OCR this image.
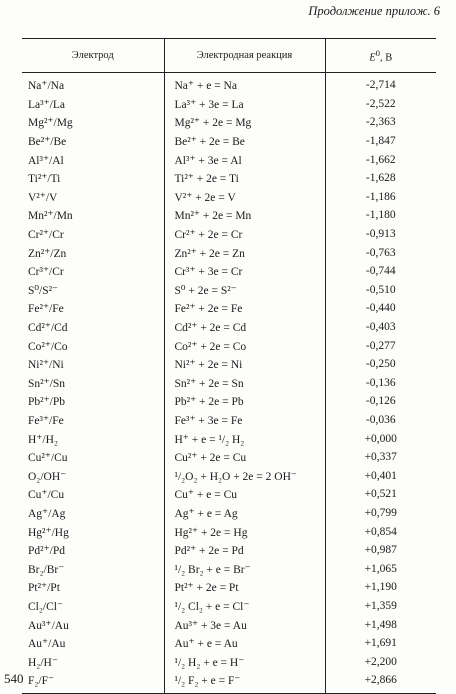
Продолжение прилож. 6
Электрод	Электродная реакция	$E^0$, В
Na⁺/Na	Na⁺ + e = Na	-2,714
La³⁺/La	La³⁺ + 3e = La	-2,522
Mg²⁺/Mg	Mg²⁺ + 2e = Mg	-2,363
Be²⁺/Be	Be²⁺ + 2e = Be	-1,847
Al³⁺/Al	Al³⁺ + 3e = Al	-1,662
Ti²⁺/Ti	Ti²⁺ + 2e = Ti	-1,628
V²⁺/V	V²⁺ + 2e = V	-1,186
Mn²⁺/Mn	Mn²⁺ + 2e = Mn	-1,180
Cr²⁺/Cr	Cr²⁺ + 2e = Cr	-0,913
Zn²⁺/Zn	Zn²⁺ + 2e = Zn	-0,763
Cr³⁺/Cr	Cr³⁺ + 3e = Cr	-0,744
S⁰/S²⁻	S⁰ + 2e = S²⁻	-0,510
Fe²⁺/Fe	Fe²⁺ + 2e = Fe	-0,440
Cd²⁺/Cd	Cd²⁺ + 2e = Cd	-0,403
Co²⁺/Co	Co²⁺ + 2e = Co	-0,277
Ni²⁺/Ni	Ni²⁺ + 2e = Ni	-0,250
Sn²⁺/Sn	Sn²⁺ + 2e = Sn	-0,136
Pb²⁺/Pb	Pb²⁺ + 2e = Pb	-0,126
Fe³⁺/Fe	Fe³⁺ + 3e = Fe	-0,036
H⁺/H₂	H⁺ + e = ¹/₂ H₂	+0,000
Cu²⁺/Cu	Cu²⁺ + 2e = Cu	+0,337
O₂/OH⁻	¹/₂O₂ + H₂O + 2e = 2 OH⁻	+0,401
Cu⁺/Cu	Cu⁺ + e = Cu	+0,521
Ag⁺/Ag	Ag⁺ + e = Ag	+0,799
Hg²⁺/Hg	Hg²⁺ + 2e = Hg	+0,854
Pd²⁺/Pd	Pd²⁺ + 2e = Pd	+0,987
Br₂/Br⁻	¹/₂ Br₂ + e = Br⁻	+1,065
Pt²⁺/Pt	Pt²⁺ + 2e = Pt	+1,190
Cl₂/Cl⁻	¹/₂ Cl₂ + e = Cl⁻	+1,359
Au³⁺/Au	Au³⁺ + 3e = Au	+1,498
Au⁺/Au	Au⁺ + e = Au	+1,691
H₂/H⁻	¹/₂ H₂ + e = H⁻	+2,200
F₂/F⁻	¹/₂ F₂ + e = F⁻	+2,866
540
